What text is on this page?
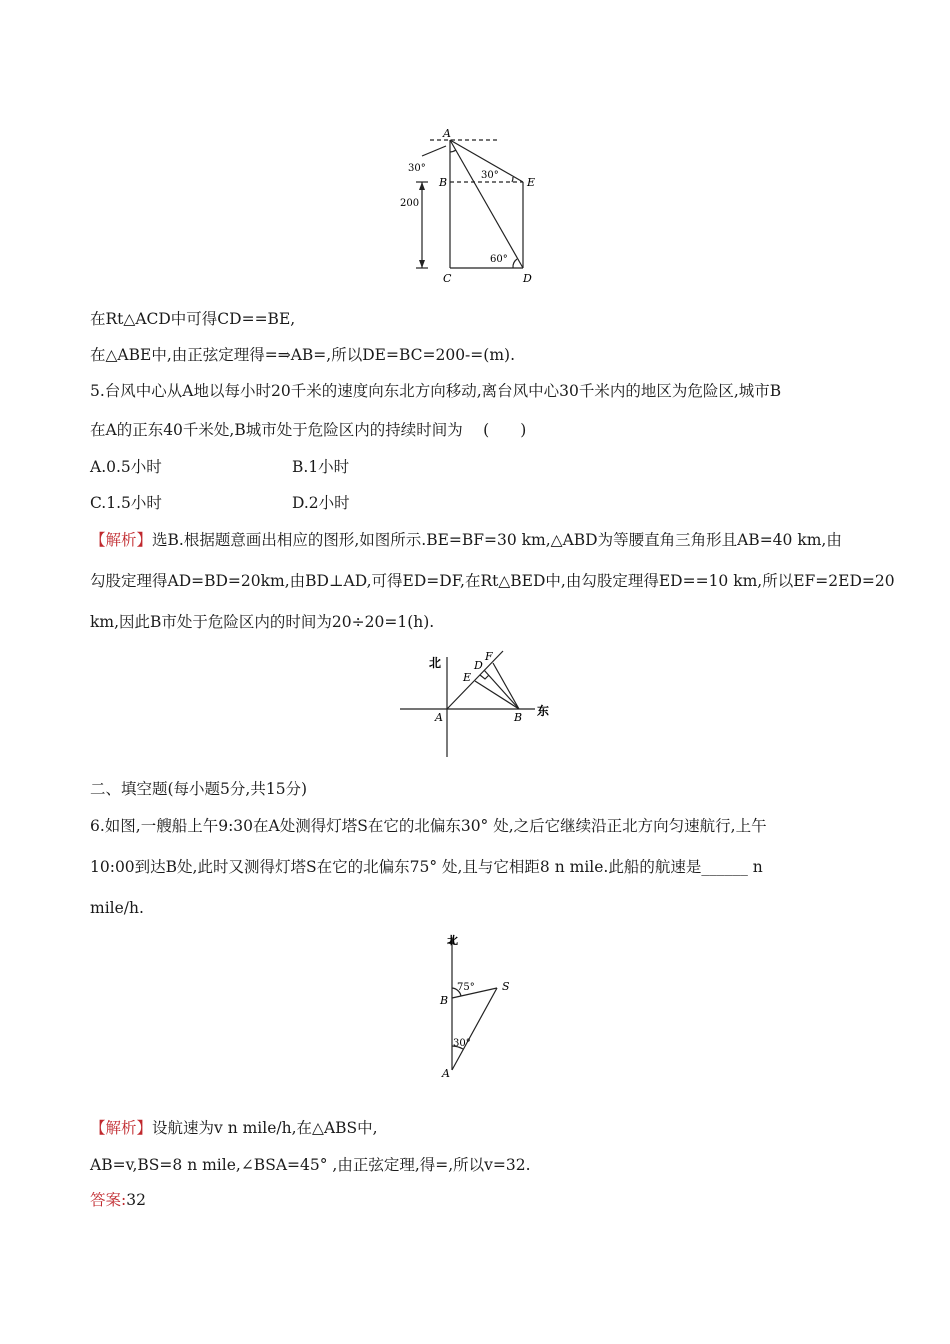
A
B
C	D
E
30°
30°
60°
200
在Rt△ACD中可得CD==BE,
在△ABE中,由正弦定理得=⇒AB=,所以DE=BC=200-=(m).
5.台风中心从A地以每小时20千米的速度向东北方向移动,离台风中心30千米内的地区为危险区,城市B
在A的正东40千米处,B城市处于危险区内的持续时间为　 (　　)
A.0.5小时	B.1小时
C.1.5小时	D.2小时
【解析】选B.根据题意画出相应的图形,如图所示.BE=BF=30 km,△ABD为等腰直角三角形且AB=40 km,由
勾股定理得AD=BD=20km,由BD⊥AD,可得ED=DF,在Rt△BED中,由勾股定理得ED==10 km,所以EF=2ED=20
km,因此B市处于危险区内的时间为20÷20=1(h).
北
东
A	B
D
E
F
二、填空题(每小题5分,共15分)
6.如图,一艘船上午9:30在A处测得灯塔S在它的北偏东30° 处,之后它继续沿正北方向匀速航行,上午
10:00到达B处,此时又测得灯塔S在它的北偏东75° 处,且与它相距8 n mile.此船的航速是______ n
mile/h.
北
A
B
S
75°
30°
【解析】设航速为v n mile/h,在△ABS中,
AB=v,BS=8 n mile,∠BSA=45° ,由正弦定理,得=,所以v=32.
答案:32
